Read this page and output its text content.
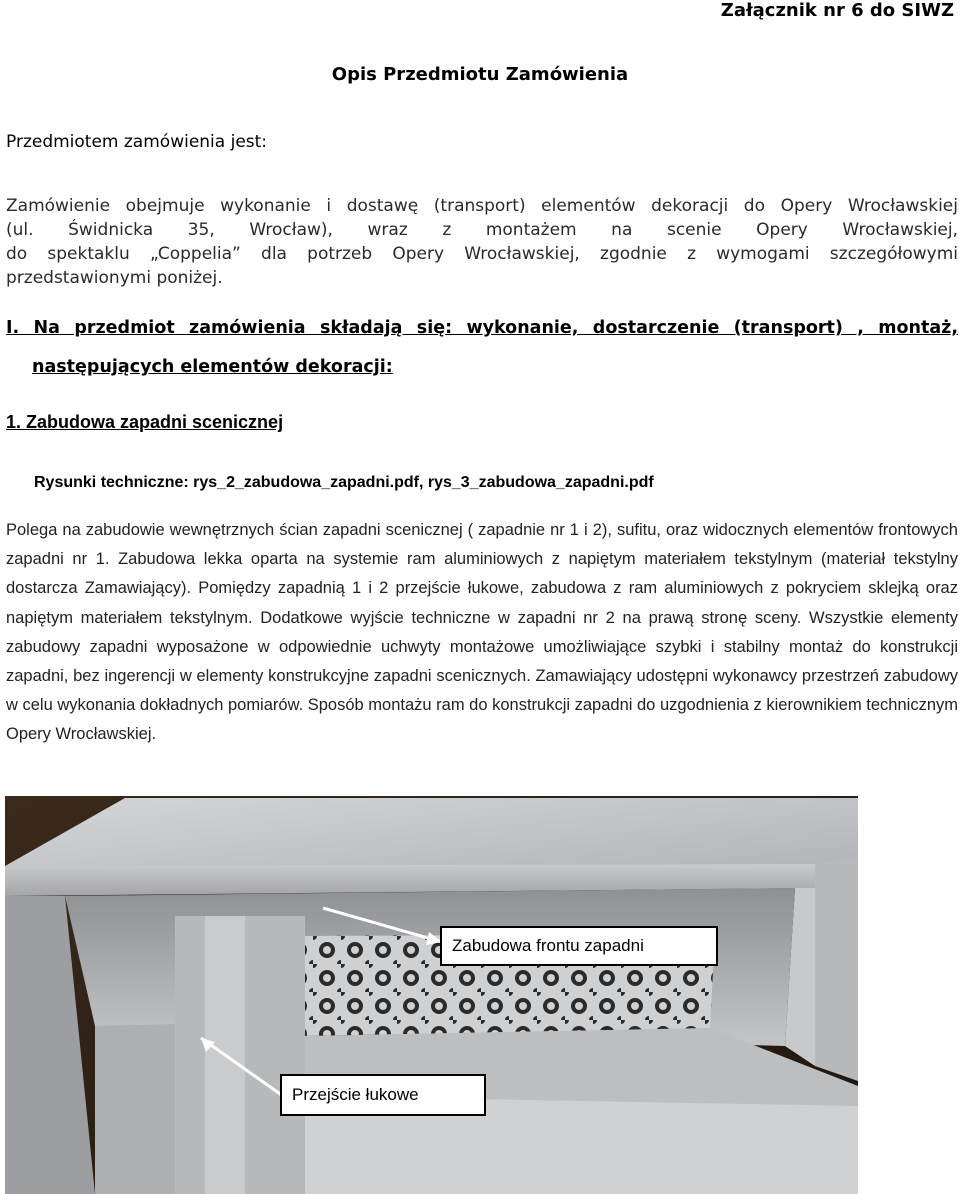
Załącznik nr 6 do SIWZ
Opis Przedmiotu Zamówienia
Przedmiotem zamówienia jest:
Zamówienie obejmuje wykonanie i dostawę (transport) elementów dekoracji do Opery Wrocławskiej
(ul. Świdnicka 35, Wrocław), wraz z montażem na scenie Opery Wrocławskiej,
do spektaklu „Coppelia” dla potrzeb Opery Wrocławskiej, zgodnie z wymogami szczegółowymi
przedstawionymi poniżej.
I. Na przedmiot zamówienia składają się: wykonanie, dostarczenie (transport) , montaż,
następujących elementów dekoracji:
1. Zabudowa zapadni scenicznej
Rysunki techniczne: rys_2_zabudowa_zapadni.pdf, rys_3_zabudowa_zapadni.pdf
Polega na zabudowie wewnętrznych ścian zapadni scenicznej ( zapadnie nr 1 i 2), sufitu, oraz widocznych elementów frontowych zapadni nr 1. Zabudowa lekka oparta na systemie ram aluminiowych z napiętym materiałem tekstylnym (materiał tekstylny dostarcza Zamawiający). Pomiędzy zapadnią 1 i 2 przejście łukowe, zabudowa z ram aluminiowych z pokryciem sklejką oraz napiętym materiałem tekstylnym. Dodatkowe wyjście techniczne w zapadni nr 2 na prawą stronę sceny. Wszystkie elementy zabudowy zapadni wyposażone w odpowiednie uchwyty montażowe umożliwiające szybki i stabilny montaż do konstrukcji zapadni, bez ingerencji w elementy konstrukcyjne zapadni scenicznych. Zamawiający udostępni wykonawcy przestrzeń zabudowy w celu wykonania dokładnych pomiarów. Sposób montażu ram do konstrukcji zapadni do uzgodnienia z kierownikiem technicznym Opery Wrocławskiej.
Zabudowa frontu zapadni
Przejście łukowe
